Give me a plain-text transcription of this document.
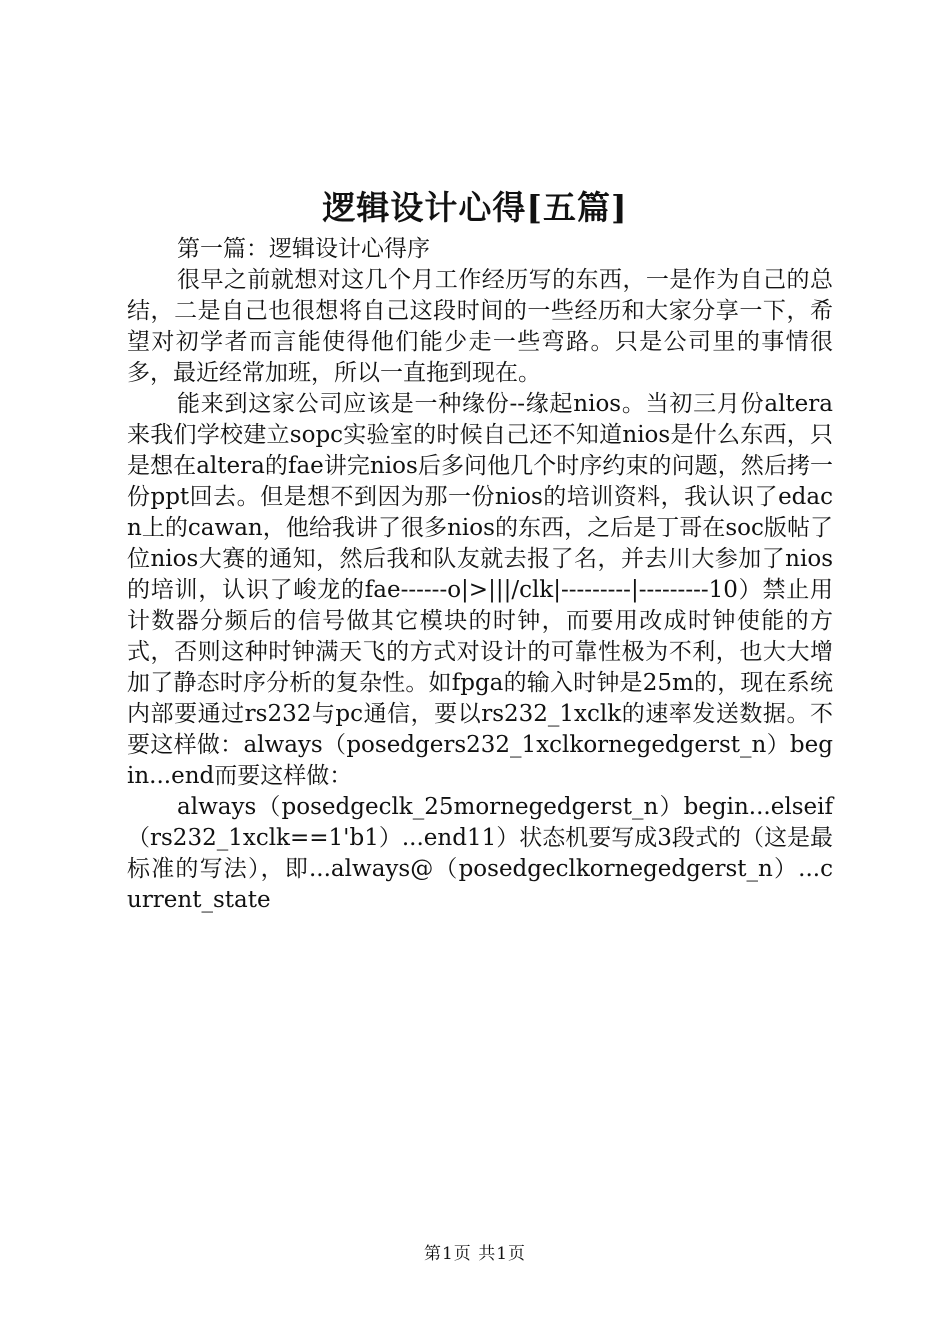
逻辑设计心得[五篇]

第一篇：逻辑设计心得序

很早之前就想对这几个月工作经历写的东西，一是作为自己的总结，二是自己也很想将自己这段时间的一些经历和大家分享一下，希望对初学者而言能使得他们能少走一些弯路。只是公司里的事情很多，最近经常加班，所以一直拖到现在。

能来到这家公司应该是一种缘份--缘起nios。当初三月份altera来我们学校建立sopc实验室的时候自己还不知道nios是什么东西，只是想在altera的fae讲完nios后多问他几个时序约束的问题，然后拷一份ppt回去。但是想不到因为那一份nios的培训资料，我认识了edacn上的cawan，他给我讲了很多nios的东西，之后是丁哥在soc版帖了位nios大赛的通知，然后我和队友就去报了名，并去川大参加了nios的培训，认识了峻龙的fae------o|>|||/clk|---------|---------10）禁止用计数器分频后的信号做其它模块的时钟，而要用改成时钟使能的方式，否则这种时钟满天飞的方式对设计的可靠性极为不利，也大大增加了静态时序分析的复杂性。如fpga的输入时钟是25m的，现在系统内部要通过rs232与pc通信，要以rs232_1xclk的速率发送数据。不要这样做：always（posedgers232_1xclkornegedgerst_n）begin...end而要这样做：

always（posedgeclk_25mornegedgerst_n）begin...elseif（rs232_1xclk==1'b1）...end11）状态机要写成3段式的（这是最标准的写法），即...always@（posedgeclkornegedgerst_n）...current_state

第1页 共1页
